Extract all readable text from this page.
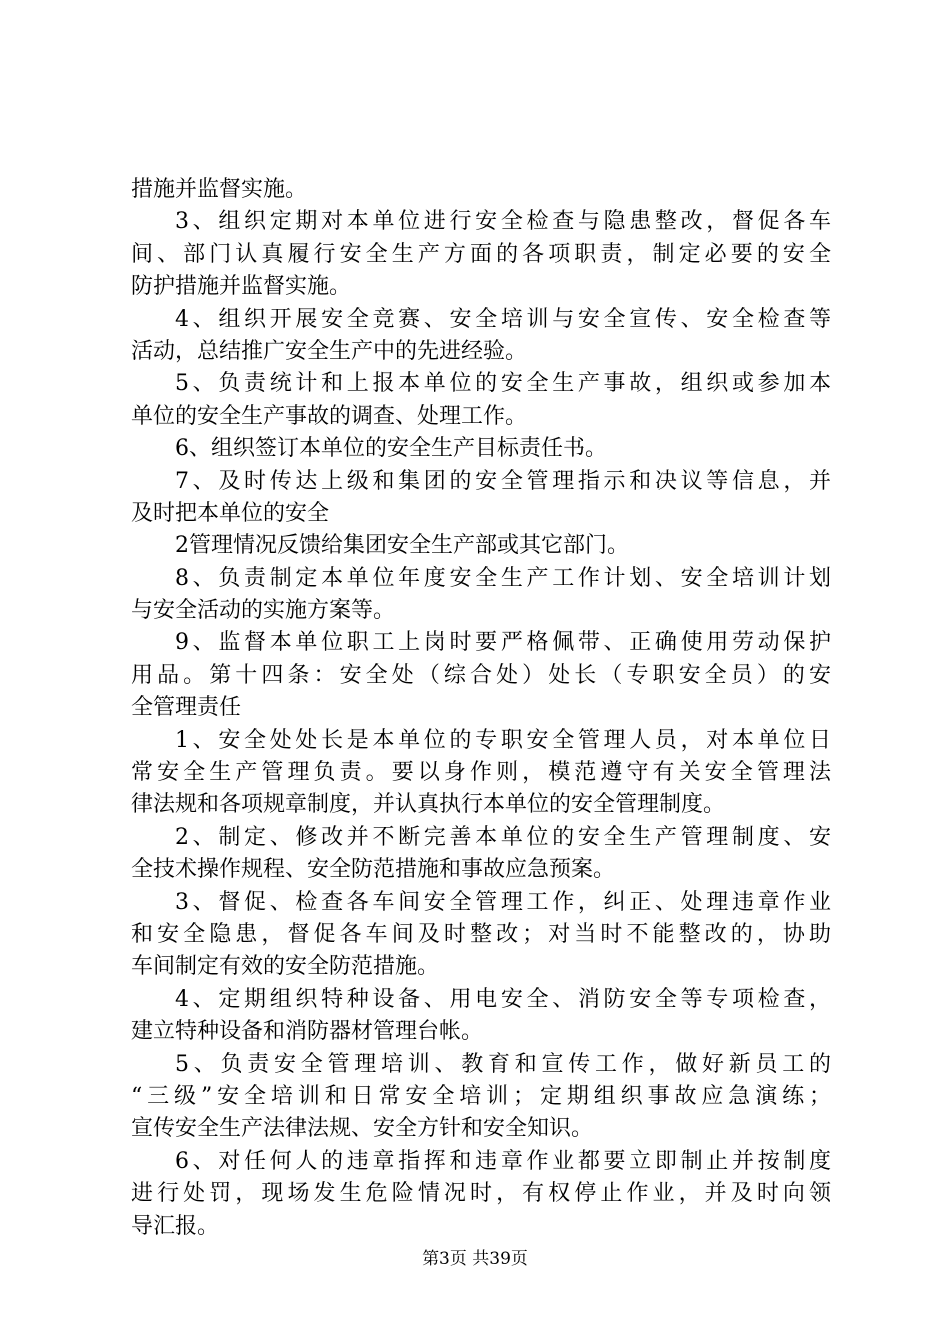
措施并监督实施。
3、组织定期对本单位进行安全检查与隐患整改，督促各车
间、部门认真履行安全生产方面的各项职责，制定必要的安全
防护措施并监督实施。
4、组织开展安全竞赛、安全培训与安全宣传、安全检查等
活动，总结推广安全生产中的先进经验。
5、负责统计和上报本单位的安全生产事故，组织或参加本
单位的安全生产事故的调查、处理工作。
6、组织签订本单位的安全生产目标责任书。
7、及时传达上级和集团的安全管理指示和决议等信息，并
及时把本单位的安全
2管理情况反馈给集团安全生产部或其它部门。
8、负责制定本单位年度安全生产工作计划、安全培训计划
与安全活动的实施方案等。
9、监督本单位职工上岗时要严格佩带、正确使用劳动保护
用品。第十四条：安全处（综合处）处长（专职安全员）的安
全管理责任
1、安全处处长是本单位的专职安全管理人员，对本单位日
常安全生产管理负责。要以身作则，模范遵守有关安全管理法
律法规和各项规章制度，并认真执行本单位的安全管理制度。
2、制定、修改并不断完善本单位的安全生产管理制度、安
全技术操作规程、安全防范措施和事故应急预案。
3、督促、检查各车间安全管理工作，纠正、处理违章作业
和安全隐患，督促各车间及时整改；对当时不能整改的，协助
车间制定有效的安全防范措施。
4、定期组织特种设备、用电安全、消防安全等专项检查，
建立特种设备和消防器材管理台帐。
5、负责安全管理培训、教育和宣传工作，做好新员工的
“三级”安全培训和日常安全培训；定期组织事故应急演练；
宣传安全生产法律法规、安全方针和安全知识。
6、对任何人的违章指挥和违章作业都要立即制止并按制度
进行处罚，现场发生危险情况时，有权停止作业，并及时向领
导汇报。
第3页 共39页
